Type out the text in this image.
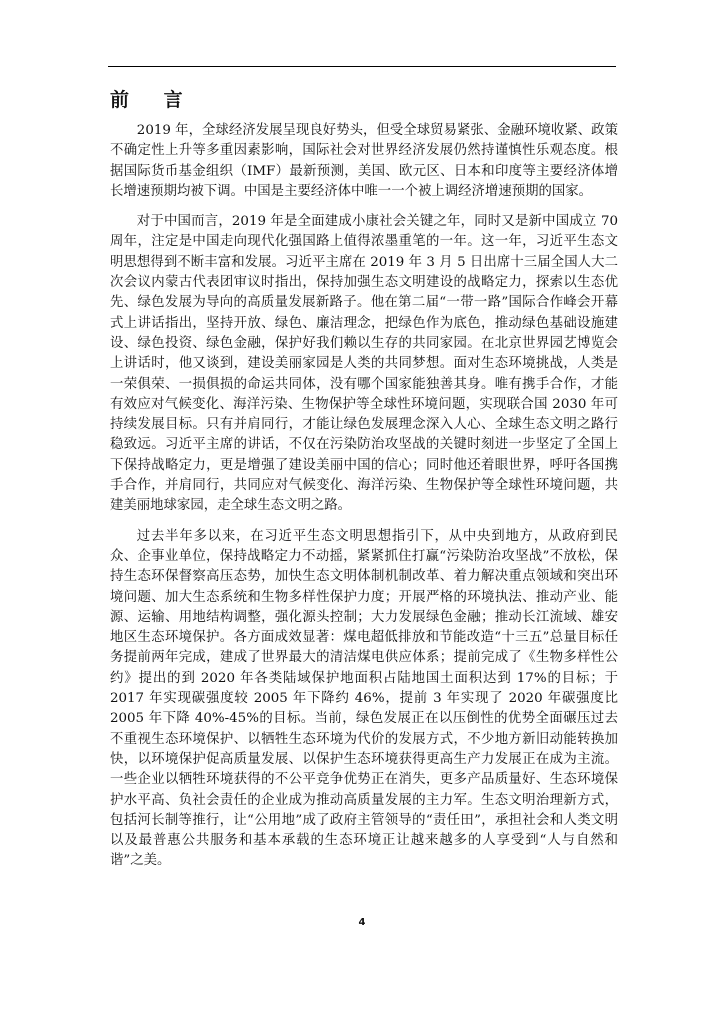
前 言

2019 年，全球经济发展呈现良好势头，但受全球贸易紧张、金融环境收紧、政策不确定性上升等多重因素影响，国际社会对世界经济发展仍然持谨慎性乐观态度。根据国际货币基金组织（IMF）最新预测，美国、欧元区、日本和印度等主要经济体增长增速预期均被下调。中国是主要经济体中唯一一个被上调经济增速预期的国家。

对于中国而言，2019 年是全面建成小康社会关键之年，同时又是新中国成立 70 周年，注定是中国走向现代化强国路上值得浓墨重笔的一年。这一年，习近平生态文明思想得到不断丰富和发展。习近平主席在 2019 年 3 月 5 日出席十三届全国人大二次会议内蒙古代表团审议时指出，保持加强生态文明建设的战略定力，探索以生态优先、绿色发展为导向的高质量发展新路子。他在第二届“一带一路”国际合作峰会开幕式上讲话指出，坚持开放、绿色、廉洁理念，把绿色作为底色，推动绿色基础设施建设、绿色投资、绿色金融，保护好我们赖以生存的共同家园。在北京世界园艺博览会上讲话时，他又谈到，建设美丽家园是人类的共同梦想。面对生态环境挑战，人类是一荣俱荣、一损俱损的命运共同体，没有哪个国家能独善其身。唯有携手合作，才能有效应对气候变化、海洋污染、生物保护等全球性环境问题，实现联合国 2030 年可持续发展目标。只有并肩同行，才能让绿色发展理念深入人心、全球生态文明之路行稳致远。习近平主席的讲话，不仅在污染防治攻坚战的关键时刻进一步坚定了全国上下保持战略定力，更是增强了建设美丽中国的信心；同时他还着眼世界，呼吁各国携手合作，并肩同行，共同应对气候变化、海洋污染、生物保护等全球性环境问题，共建美丽地球家园，走全球生态文明之路。

过去半年多以来，在习近平生态文明思想指引下，从中央到地方，从政府到民众、企事业单位，保持战略定力不动摇，紧紧抓住打赢“污染防治攻坚战”不放松，保持生态环保督察高压态势，加快生态文明体制机制改革、着力解决重点领域和突出环境问题、加大生态系统和生物多样性保护力度；开展严格的环境执法、推动产业、能源、运输、用地结构调整，强化源头控制；大力发展绿色金融；推动长江流域、雄安地区生态环境保护。各方面成效显著：煤电超低排放和节能改造“十三五”总量目标任务提前两年完成，建成了世界最大的清洁煤电供应体系；提前完成了《生物多样性公约》提出的到 2020 年各类陆域保护地面积占陆地国土面积达到 17%的目标；于 2017 年实现碳强度较 2005 年下降约 46%，提前 3 年实现了 2020 年碳强度比 2005 年下降 40%-45%的目标。当前，绿色发展正在以压倒性的优势全面碾压过去不重视生态环境保护、以牺牲生态环境为代价的发展方式，不少地方新旧动能转换加快，以环境保护促高质量发展、以保护生态环境获得更高生产力发展正在成为主流。一些企业以牺牲环境获得的不公平竞争优势正在消失，更多产品质量好、生态环境保护水平高、负社会责任的企业成为推动高质量发展的主力军。生态文明治理新方式，包括河长制等推行，让“公用地”成了政府主管领导的“责任田”，承担社会和人类文明以及最普惠公共服务和基本承载的生态环境正让越来越多的人享受到“人与自然和谐”之美。

4
